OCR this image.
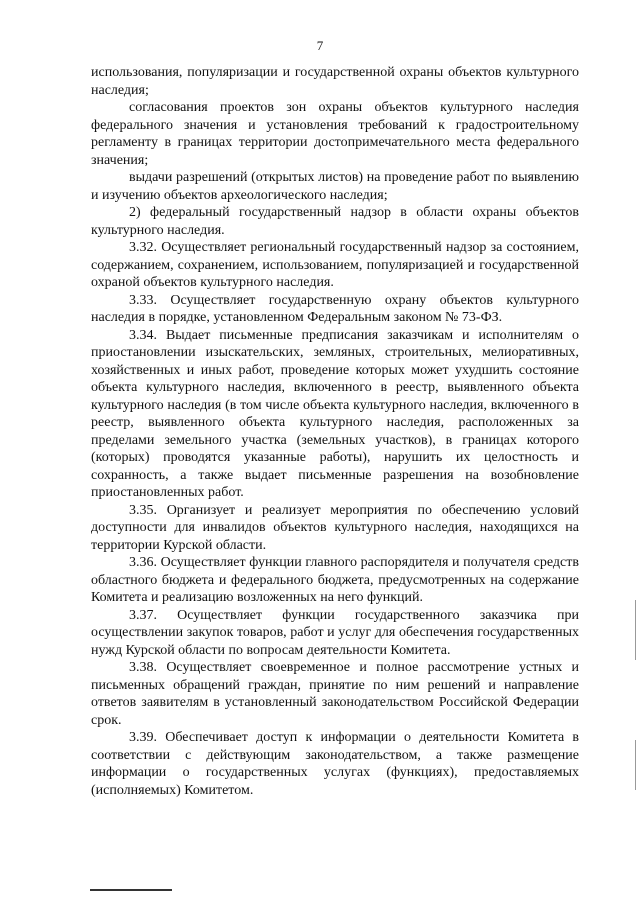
7

использования, популяризации и государственной охраны объектов культурного наследия;

согласования проектов зон охраны объектов культурного наследия федерального значения и установления требований к градостроительному регламенту в границах территории достопримечательного места федерального значения;

выдачи разрешений (открытых листов) на проведение работ по выявлению и изучению объектов археологического наследия;

2) федеральный государственный надзор в области охраны объектов культурного наследия.

3.32. Осуществляет региональный государственный надзор за состоянием, содержанием, сохранением, использованием, популяризацией и государственной охраной объектов культурного наследия.

3.33. Осуществляет государственную охрану объектов культурного наследия в порядке, установленном Федеральным законом № 73-ФЗ.

3.34. Выдает письменные предписания заказчикам и исполнителям о приостановлении изыскательских, земляных, строительных, мелиоративных, хозяйственных и иных работ, проведение которых может ухудшить состояние объекта культурного наследия, включенного в реестр, выявленного объекта культурного наследия (в том числе объекта культурного наследия, включенного в реестр, выявленного объекта культурного наследия, расположенных за пределами земельного участка (земельных участков), в границах которого (которых) проводятся указанные работы), нарушить их целостность и сохранность, а также выдает письменные разрешения на возобновление приостановленных работ.

3.35. Организует и реализует мероприятия по обеспечению условий доступности для инвалидов объектов культурного наследия, находящихся на территории Курской области.

3.36. Осуществляет функции главного распорядителя и получателя средств областного бюджета и федерального бюджета, предусмотренных на содержание Комитета и реализацию возложенных на него функций.

3.37. Осуществляет функции государственного заказчика при осуществлении закупок товаров, работ и услуг для обеспечения государственных нужд Курской области по вопросам деятельности Комитета.

3.38. Осуществляет своевременное и полное рассмотрение устных и письменных обращений граждан, принятие по ним решений и направление ответов заявителям в установленный законодательством Российской Федерации срок.

3.39. Обеспечивает доступ к информации о деятельности Комитета в соответствии с действующим законодательством, а также размещение информации о государственных услугах (функциях), предоставляемых (исполняемых) Комитетом.
